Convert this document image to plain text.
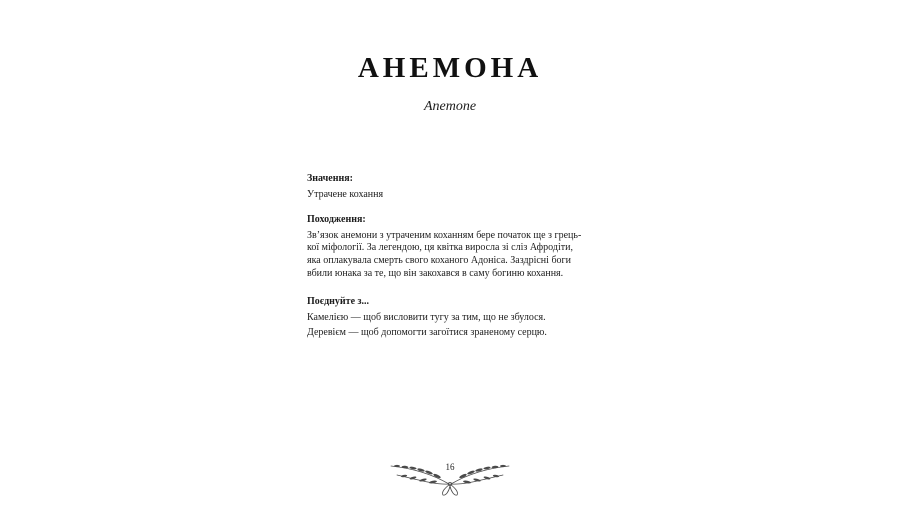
АНЕМОНА
Anemone

Значення:

Утрачене кохання

Походження:

Зв’язок анемони з утраченим коханням бере початок ще з грець-

кої міфології. За легендою, ця квітка виросла зі сліз Афродіти,

яка оплакувала смерть свого коханого Адоніса. Заздрісні боги

вбили юнака за те, що він закохався в саму богиню кохання.

Поєднуйте з...

Камелією — щоб висловити тугу за тим, що не збулося.

Деревієм — щоб допомогти загоїтися зраненому серцю.

16
